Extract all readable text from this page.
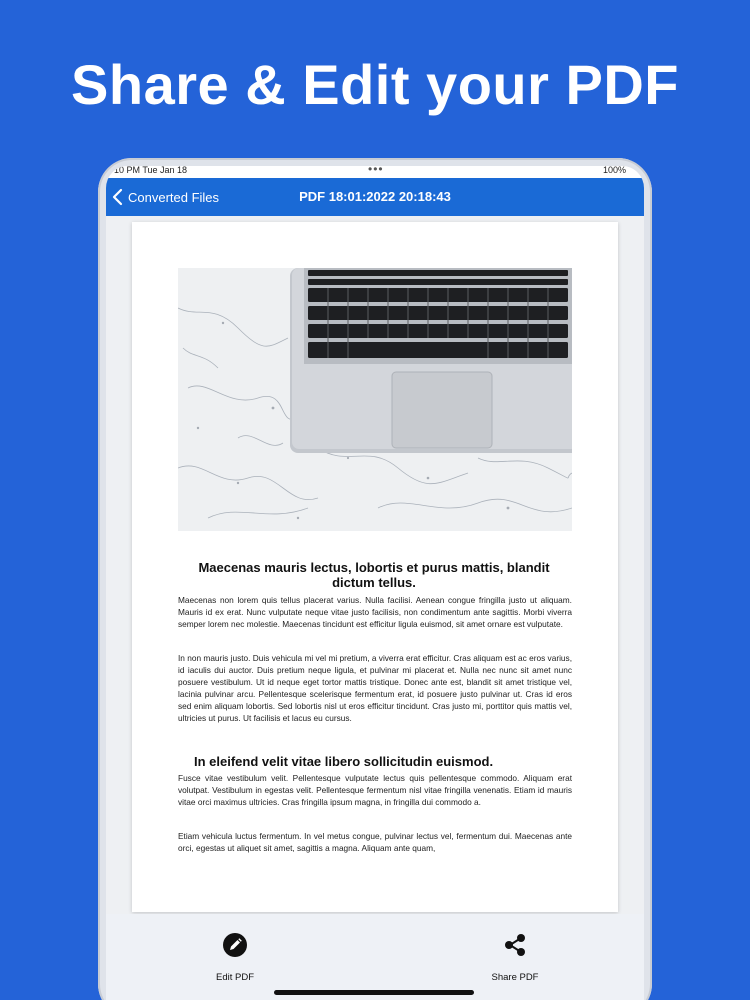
Share & Edit your PDF
10 PM Tue Jan 18	•••	100%
Converted Files	PDF 18:01:2022 20:18:43
Maecenas mauris lectus, lobortis et purus mattis, blandit dictum tellus.
Maecenas non lorem quis tellus placerat varius. Nulla facilisi. Aenean congue fringilla justo ut aliquam. Mauris id ex erat. Nunc vulputate neque vitae justo facilisis, non condimentum ante sagittis. Morbi viverra semper lorem nec molestie. Maecenas tincidunt est efficitur ligula euismod, sit amet ornare est vulputate.
In non mauris justo. Duis vehicula mi vel mi pretium, a viverra erat efficitur. Cras aliquam est ac eros varius, id iaculis dui auctor. Duis pretium neque ligula, et pulvinar mi placerat et. Nulla nec nunc sit amet nunc posuere vestibulum. Ut id neque eget tortor mattis tristique. Donec ante est, blandit sit amet tristique vel, lacinia pulvinar arcu. Pellentesque scelerisque fermentum erat, id posuere justo pulvinar ut. Cras id eros sed enim aliquam lobortis. Sed lobortis nisl ut eros efficitur tincidunt. Cras justo mi, porttitor quis mattis vel, ultricies ut purus. Ut facilisis et lacus eu cursus.
In eleifend velit vitae libero sollicitudin euismod.
Fusce vitae vestibulum velit. Pellentesque vulputate lectus quis pellentesque commodo. Aliquam erat volutpat. Vestibulum in egestas velit. Pellentesque fermentum nisl vitae fringilla venenatis. Etiam id mauris vitae orci maximus ultricies. Cras fringilla ipsum magna, in fringilla dui commodo a.
Etiam vehicula luctus fermentum. In vel metus congue, pulvinar lectus vel, fermentum dui. Maecenas ante orci, egestas ut aliquet sit amet, sagittis a magna. Aliquam ante quam,
Edit PDF	Share PDF
